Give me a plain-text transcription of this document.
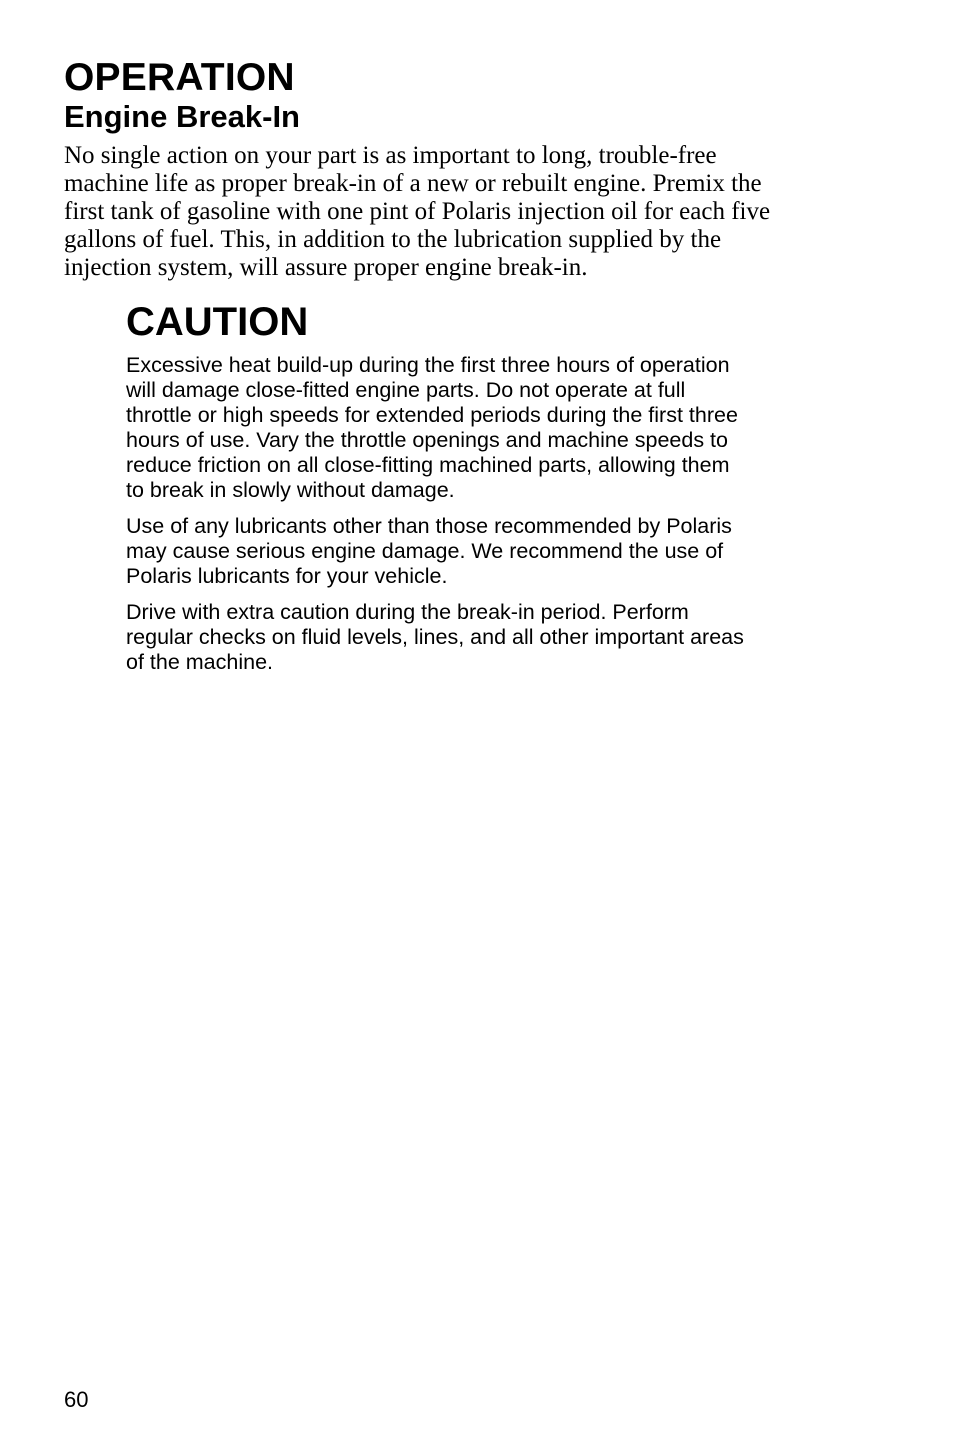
OPERATION
Engine Break-In

No single action on your part is as important to long, trouble-free
machine life as proper break-in of a new or rebuilt engine. Premix the
first tank of gasoline with one pint of Polaris injection oil for each five
gallons of fuel. This, in addition to the lubrication supplied by the
injection system, will assure proper engine break-in.

CAUTION

Excessive heat build-up during the first three hours of operation
will damage close-fitted engine parts. Do not operate at full
throttle or high speeds for extended periods during the first three
hours of use. Vary the throttle openings and machine speeds to
reduce friction on all close-fitting machined parts, allowing them
to break in slowly without damage.

Use of any lubricants other than those recommended by Polaris
may cause serious engine damage. We recommend the use of
Polaris lubricants for your vehicle.

Drive with extra caution during the break-in period. Perform
regular checks on fluid levels, lines, and all other important areas
of the machine.

60
